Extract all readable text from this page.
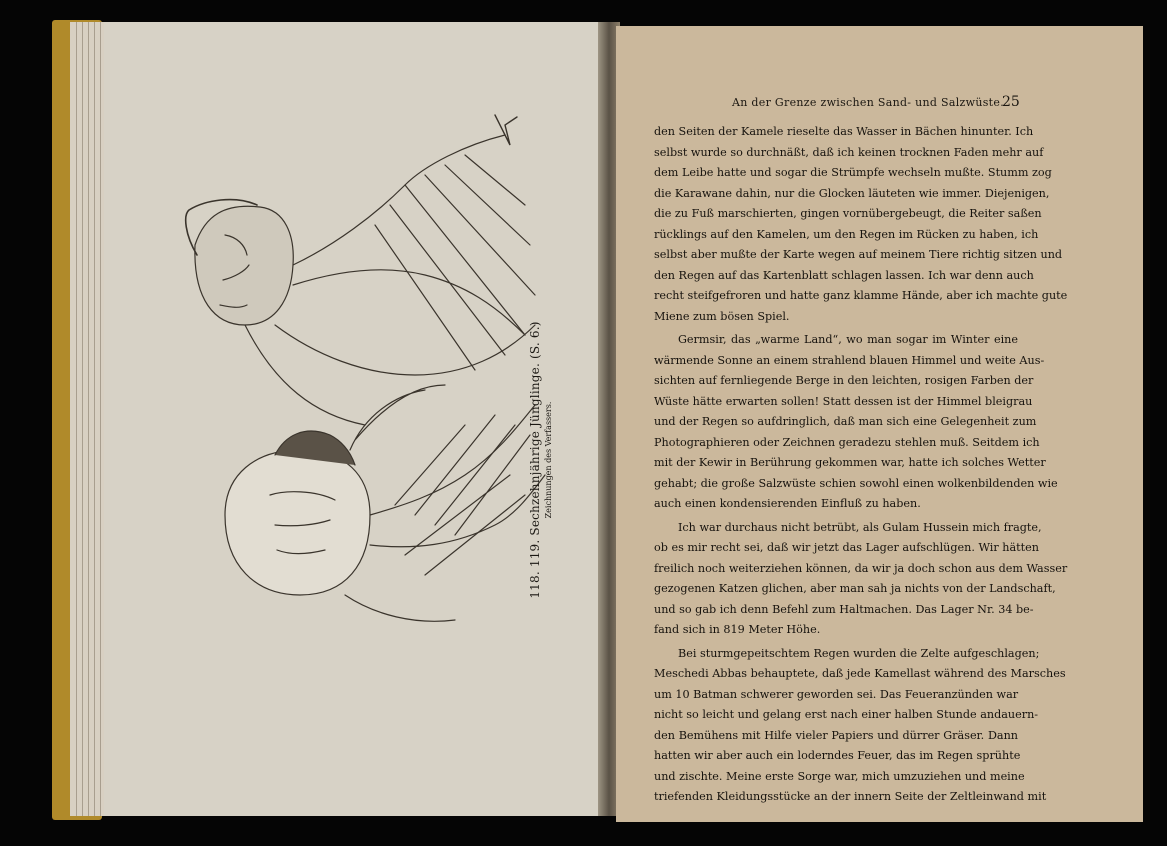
118. 119. Sechzehnjährige Jünglinge. (S. 6.) Zeichnungen des Verfassers.
An der Grenze zwischen Sand- und Salzwüste.
25
den Seiten der Kamele rieselte das Wasser in Bächen hinunter. Ich
selbst wurde so durchnäßt, daß ich keinen trocknen Faden mehr auf
dem Leibe hatte und sogar die Strümpfe wechseln mußte. Stumm zog
die Karawane dahin, nur die Glocken läuteten wie immer. Diejenigen,
die zu Fuß marschierten, gingen vornübergebeugt, die Reiter saßen
rücklings auf den Kamelen, um den Regen im Rücken zu haben, ich
selbst aber mußte der Karte wegen auf meinem Tiere richtig sitzen und
den Regen auf das Kartenblatt schlagen lassen. Ich war denn auch
recht steifgefroren und hatte ganz klamme Hände, aber ich machte gute
Miene zum bösen Spiel.
Germsir, das „warme Land“, wo man sogar im Winter eine
wärmende Sonne an einem strahlend blauen Himmel und weite Aus-
sichten auf fernliegende Berge in den leichten, rosigen Farben der
Wüste hätte erwarten sollen! Statt dessen ist der Himmel bleigrau
und der Regen so aufdringlich, daß man sich eine Gelegenheit zum
Photographieren oder Zeichnen geradezu stehlen muß. Seitdem ich
mit der Kewir in Berührung gekommen war, hatte ich solches Wetter
gehabt; die große Salzwüste schien sowohl einen wolkenbildenden wie
auch einen kondensierenden Einfluß zu haben.
Ich war durchaus nicht betrübt, als Gulam Hussein mich fragte,
ob es mir recht sei, daß wir jetzt das Lager aufschlügen. Wir hätten
freilich noch weiterziehen können, da wir ja doch schon aus dem Wasser
gezogenen Katzen glichen, aber man sah ja nichts von der Landschaft,
und so gab ich denn Befehl zum Haltmachen. Das Lager Nr. 34 be-
fand sich in 819 Meter Höhe.
Bei sturmgepeitschtem Regen wurden die Zelte aufgeschlagen;
Meschedi Abbas behauptete, daß jede Kamellast während des Marsches
um 10 Batman schwerer geworden sei. Das Feueranzünden war
nicht so leicht und gelang erst nach einer halben Stunde andauern-
den Bemühens mit Hilfe vieler Papiers und dürrer Gräser. Dann
hatten wir aber auch ein loderndes Feuer, das im Regen sprühte
und zischte. Meine erste Sorge war, mich umzuziehen und meine
triefenden Kleidungsstücke an der innern Seite der Zeltleinwand mit
